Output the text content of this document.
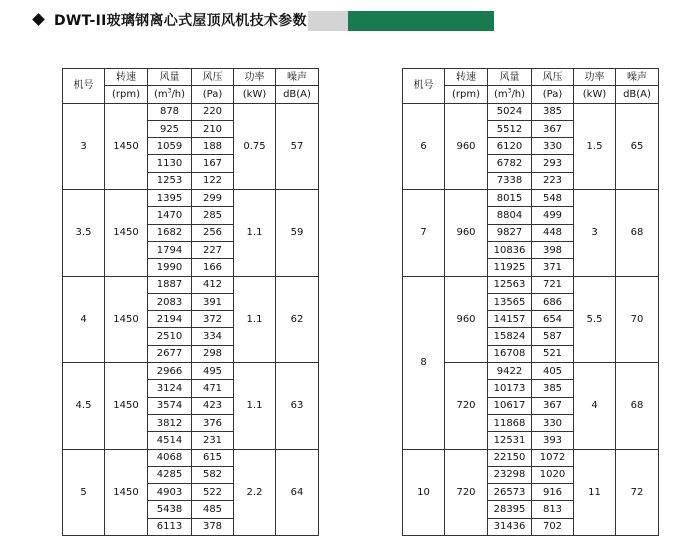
DWT-II玻璃钢离心式屋顶风机技术参数
机号	转速	风量	风压	功率	噪声
	(rpm)	$(m^3/h)$	(Pa)	(kW)	dB(A)
3	1450	878	220	0.75	57
		925	210		
		1059	188		
		1130	167		
		1253	122		
3.5	1450	1395	299	1.1	59
		1470	285		
		1682	256		
		1794	227		
		1990	166		
4	1450	1887	412	1.1	62
		2083	391		
		2194	372		
		2510	334		
		2677	298		
4.5	1450	2966	495	1.1	63
		3124	471		
		3574	423		
		3812	376		
		4514	231		
5	1450	4068	615	2.2	64
		4285	582		
		4903	522		
		5438	485		
		6113	378		
机号	转速	风量	风压	功率	噪声
	(rpm)	$(m^3/h)$	(Pa)	(kW)	dB(A)
6	960	5024	385	1.5	65
		5512	367		
		6120	330		
		6782	293		
		7338	223		
7	960	8015	548	3	68
		8804	499		
		9827	448		
		10836	398		
		11925	371		
8	960	12563	721	5.5	70
		13565	686		
		14157	654		
		15824	587		
		16708	521		
	720	9422	405	4	68
		10173	385		
		10617	367		
		11868	330		
		12531	393		
10	720	22150	1072	11	72
		23298	1020		
		26573	916		
		28395	813		
		31436	702		
